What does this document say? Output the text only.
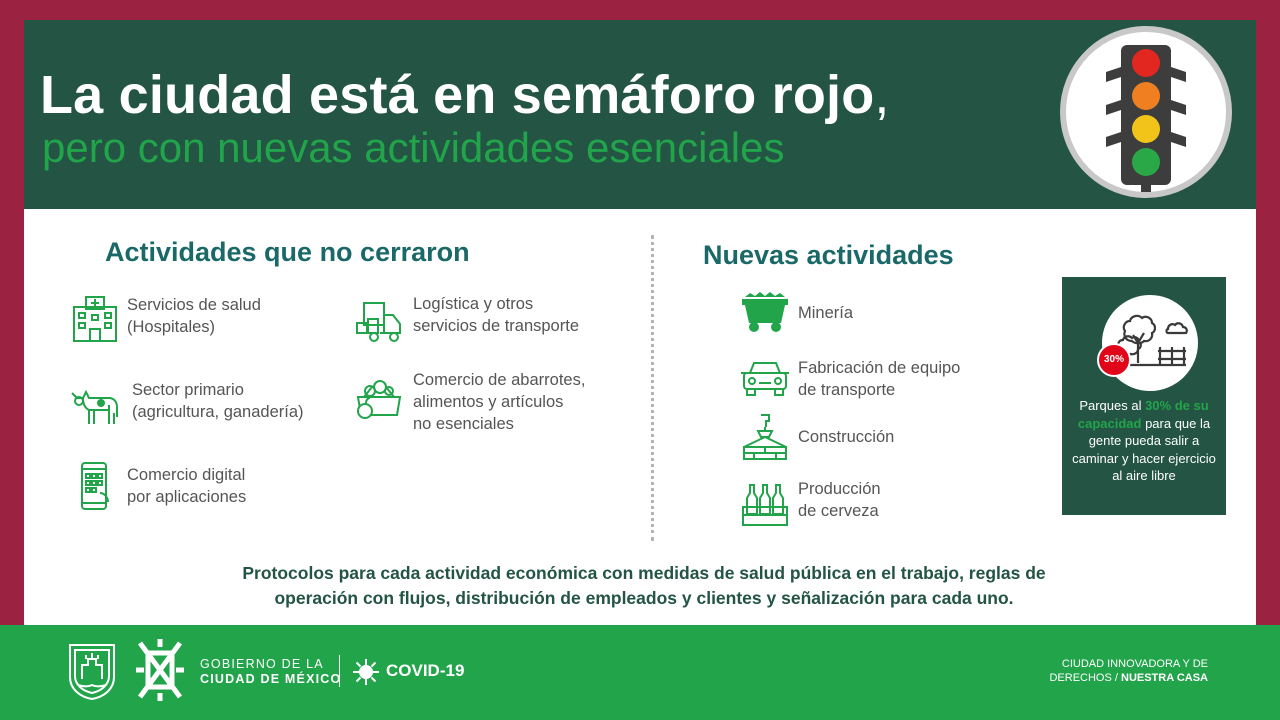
La ciudad está en semáforo rojo,
pero con nuevas actividades esenciales
Actividades que no cerraron
Servicios de salud
(Hospitales)
Logística y otros
servicios de transporte
Sector primario
(agricultura, ganadería)
Comercio de abarrotes,
alimentos y artículos
no esenciales
Comercio digital
por aplicaciones
Nuevas actividades
Minería
Fabricación de equipo
de transporte
Construcción
Producción
de cerveza
30%
Parques al 30% de su capacidad para que la gente pueda salir a caminar y hacer ejercicio al aire libre
Protocolos para cada actividad económica con medidas de salud pública en el trabajo, reglas de operación con flujos, distribución de empleados y clientes y señalización para cada uno.
GOBIERNO DE LA
CIUDAD DE MÉXICO	COVID-19	CIUDAD INNOVADORA Y DE
DERECHOS / NUESTRA CASA
